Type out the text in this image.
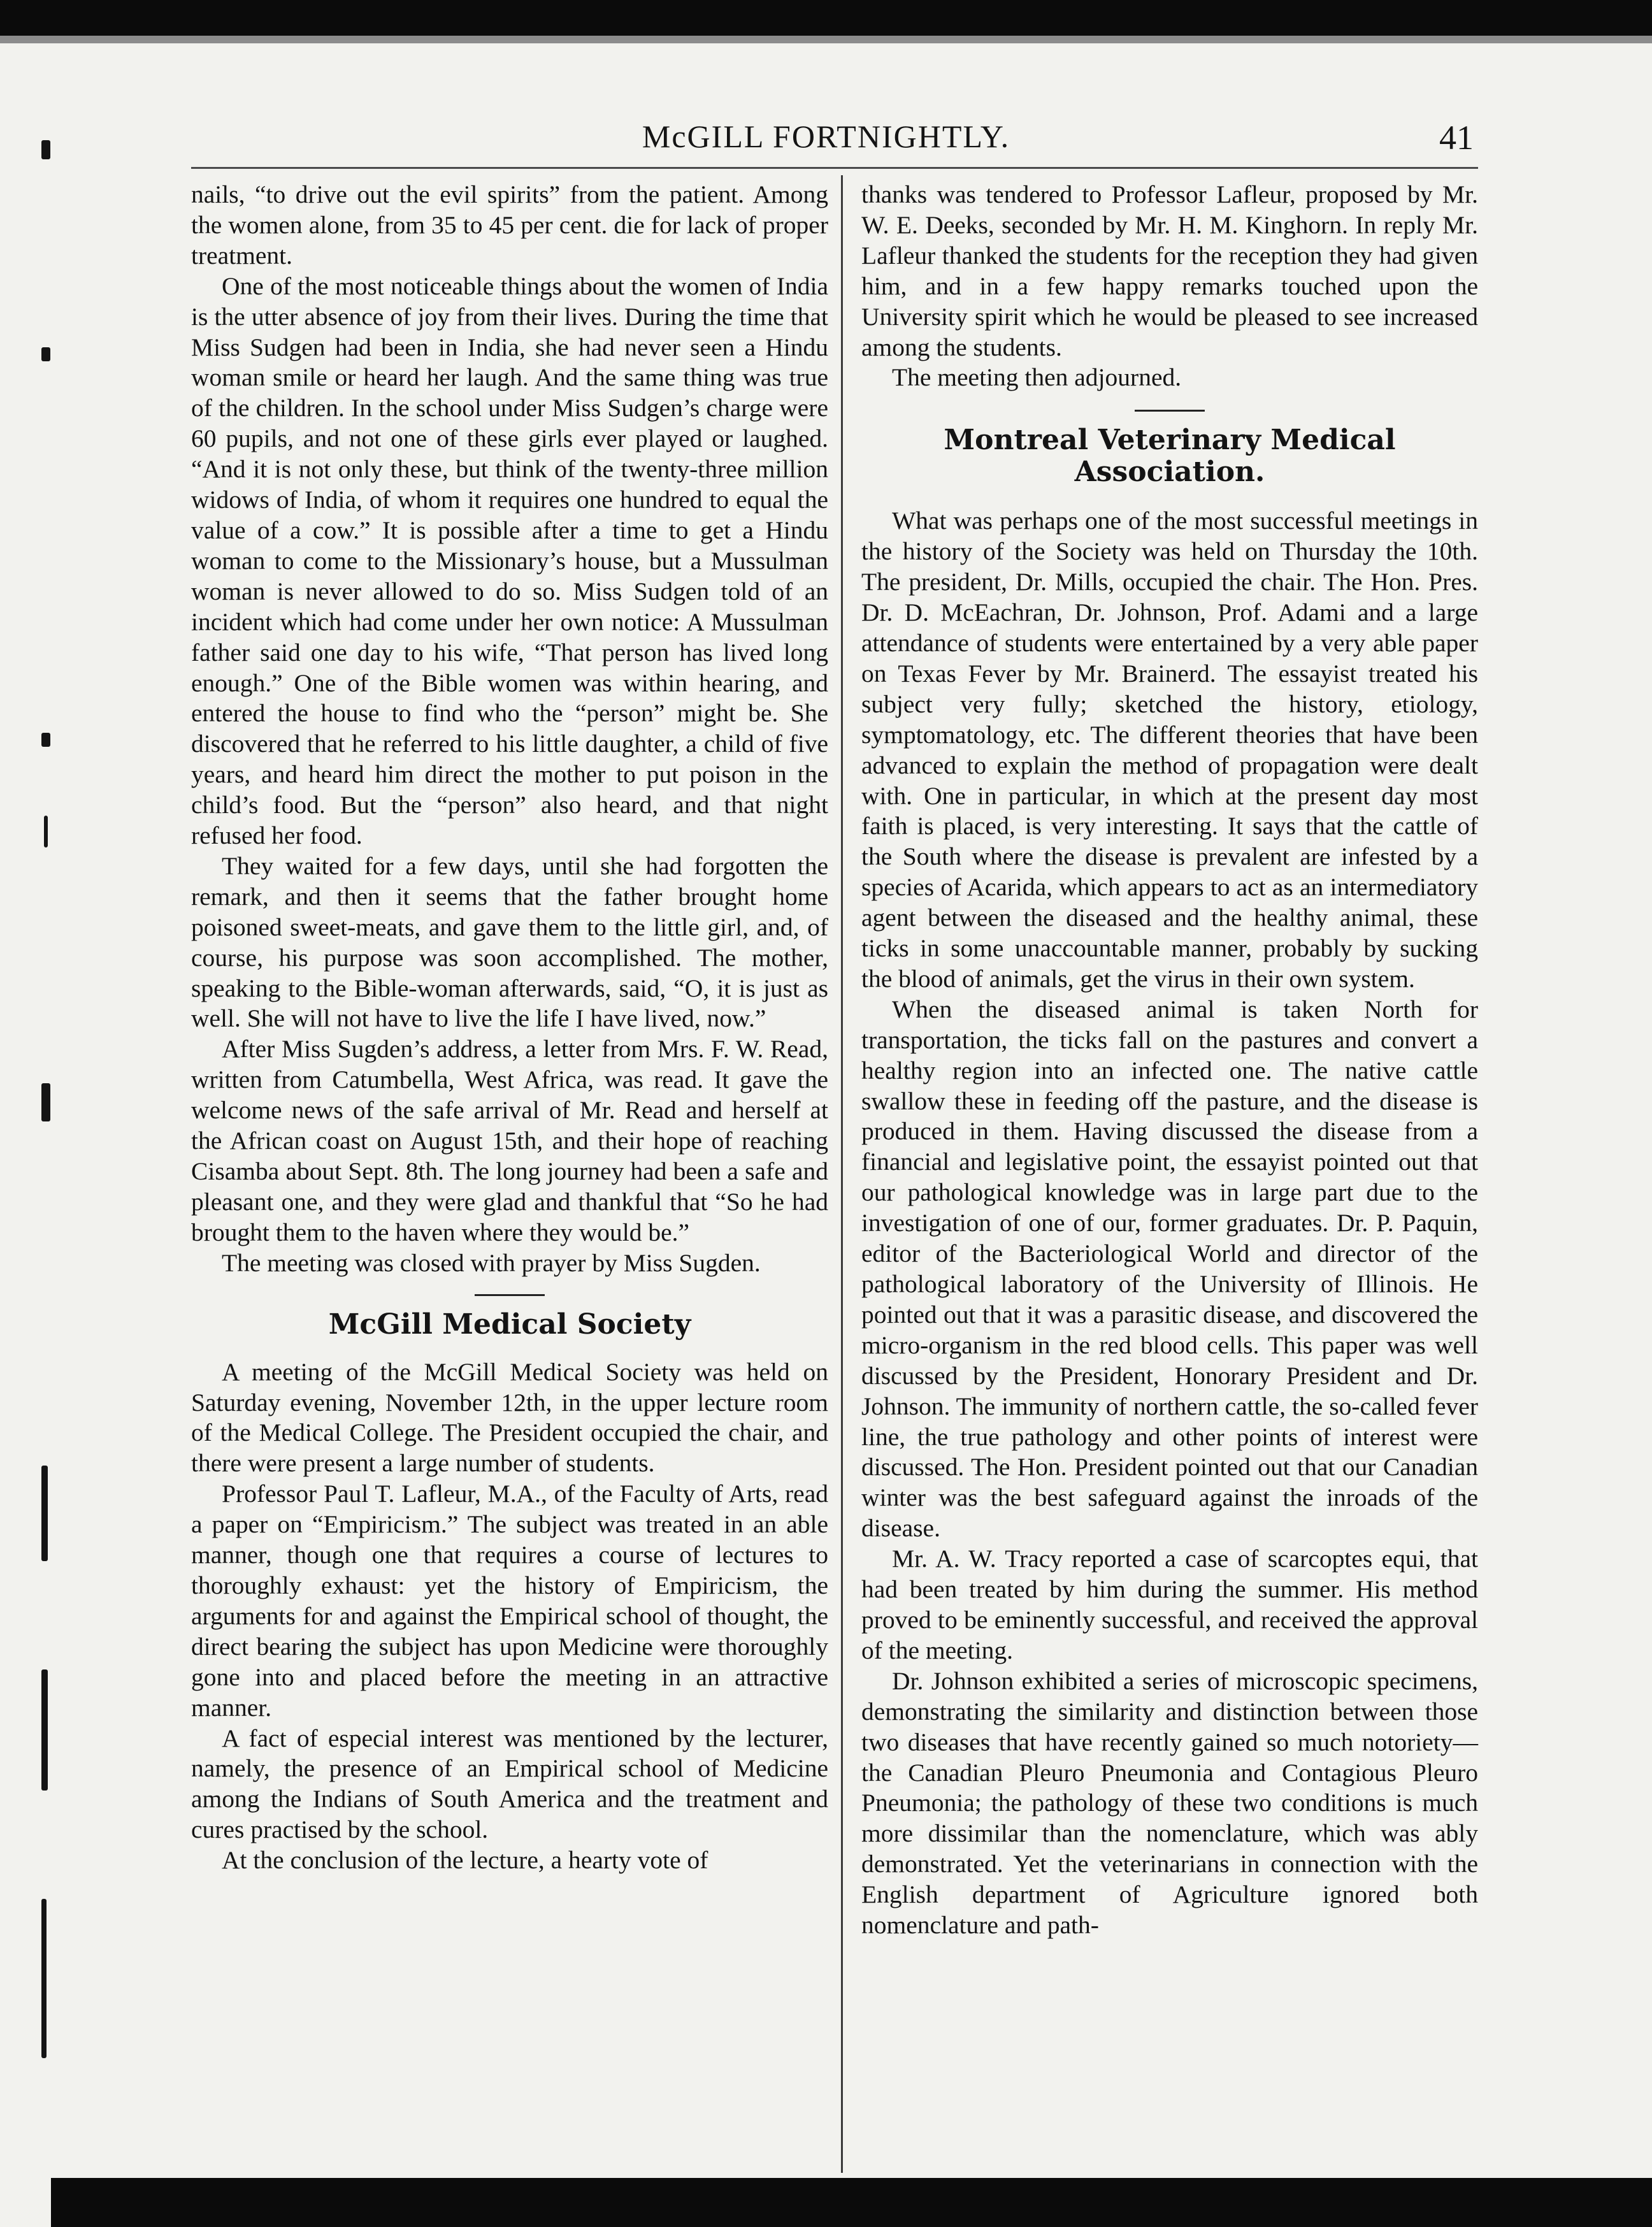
McGILL FORTNIGHTLY.	41

nails, “to drive out the evil spirits” from the patient. Among the women alone, from 35 to 45 per cent. die for lack of proper treatment.

One of the most noticeable things about the women of India is the utter absence of joy from their lives. During the time that Miss Sudgen had been in India, she had never seen a Hindu woman smile or heard her laugh. And the same thing was true of the children. In the school under Miss Sudgen’s charge were 60 pupils, and not one of these girls ever played or laughed. “And it is not only these, but think of the twenty-three million widows of India, of whom it requires one hundred to equal the value of a cow.” It is possible after a time to get a Hindu woman to come to the Missionary’s house, but a Mussulman woman is never allowed to do so. Miss Sudgen told of an incident which had come under her own notice: A Mussulman father said one day to his wife, “That person has lived long enough.” One of the Bible women was within hearing, and entered the house to find who the “person” might be. She discovered that he referred to his little daughter, a child of five years, and heard him direct the mother to put poison in the child’s food. But the “person” also heard, and that night refused her food.

They waited for a few days, until she had forgotten the remark, and then it seems that the father brought home poisoned sweet-meats, and gave them to the little girl, and, of course, his purpose was soon accomplished. The mother, speaking to the Bible-woman afterwards, said, “O, it is just as well. She will not have to live the life I have lived, now.”

After Miss Sugden’s address, a letter from Mrs. F. W. Read, written from Catumbella, West Africa, was read. It gave the welcome news of the safe arrival of Mr. Read and herself at the African coast on August 15th, and their hope of reaching Cisamba about Sept. 8th. The long journey had been a safe and pleasant one, and they were glad and thankful that “So he had brought them to the haven where they would be.”

The meeting was closed with prayer by Miss Sugden.

McGill Medical Society

A meeting of the McGill Medical Society was held on Saturday evening, November 12th, in the upper lecture room of the Medical College. The President occupied the chair, and there were present a large number of students.

Professor Paul T. Lafleur, M.A., of the Faculty of Arts, read a paper on “Empiricism.” The subject was treated in an able manner, though one that requires a course of lectures to thoroughly exhaust: yet the history of Empiricism, the arguments for and against the Empirical school of thought, the direct bearing the subject has upon Medicine were thoroughly gone into and placed before the meeting in an attractive manner.

A fact of especial interest was mentioned by the lecturer, namely, the presence of an Empirical school of Medicine among the Indians of South America and the treatment and cures practised by the school.

At the conclusion of the lecture, a hearty vote of

thanks was tendered to Professor Lafleur, proposed by Mr. W. E. Deeks, seconded by Mr. H. M. Kinghorn. In reply Mr. Lafleur thanked the students for the reception they had given him, and in a few happy remarks touched upon the University spirit which he would be pleased to see increased among the students.

The meeting then adjourned.

Montreal Veterinary Medical Association.

What was perhaps one of the most successful meetings in the history of the Society was held on Thursday the 10th. The president, Dr. Mills, occupied the chair. The Hon. Pres. Dr. D. McEachran, Dr. Johnson, Prof. Adami and a large attendance of students were entertained by a very able paper on Texas Fever by Mr. Brainerd. The essayist treated his subject very fully; sketched the history, etiology, symptomatology, etc. The different theories that have been advanced to explain the method of propagation were dealt with. One in particular, in which at the present day most faith is placed, is very interesting. It says that the cattle of the South where the disease is prevalent are infested by a species of Acarida, which appears to act as an intermediatory agent between the diseased and the healthy animal, these ticks in some unaccountable manner, probably by sucking the blood of animals, get the virus in their own system.

When the diseased animal is taken North for transportation, the ticks fall on the pastures and convert a healthy region into an infected one. The native cattle swallow these in feeding off the pasture, and the disease is produced in them. Having discussed the disease from a financial and legislative point, the essayist pointed out that our pathological knowledge was in large part due to the investigation of one of our, former graduates. Dr. P. Paquin, editor of the Bacteriological World and director of the pathological laboratory of the University of Illinois. He pointed out that it was a parasitic disease, and discovered the micro-organism in the red blood cells. This paper was well discussed by the President, Honorary President and Dr. Johnson. The immunity of northern cattle, the so-called fever line, the true pathology and other points of interest were discussed. The Hon. President pointed out that our Canadian winter was the best safeguard against the inroads of the disease.

Mr. A. W. Tracy reported a case of scarcoptes equi, that had been treated by him during the summer. His method proved to be eminently successful, and received the approval of the meeting.

Dr. Johnson exhibited a series of microscopic specimens, demonstrating the similarity and distinction between those two diseases that have recently gained so much notoriety—the Canadian Pleuro Pneumonia and Contagious Pleuro Pneumonia; the pathology of these two conditions is much more dissimilar than the nomenclature, which was ably demonstrated. Yet the veterinarians in connection with the English department of Agriculture ignored both nomenclature and path-
